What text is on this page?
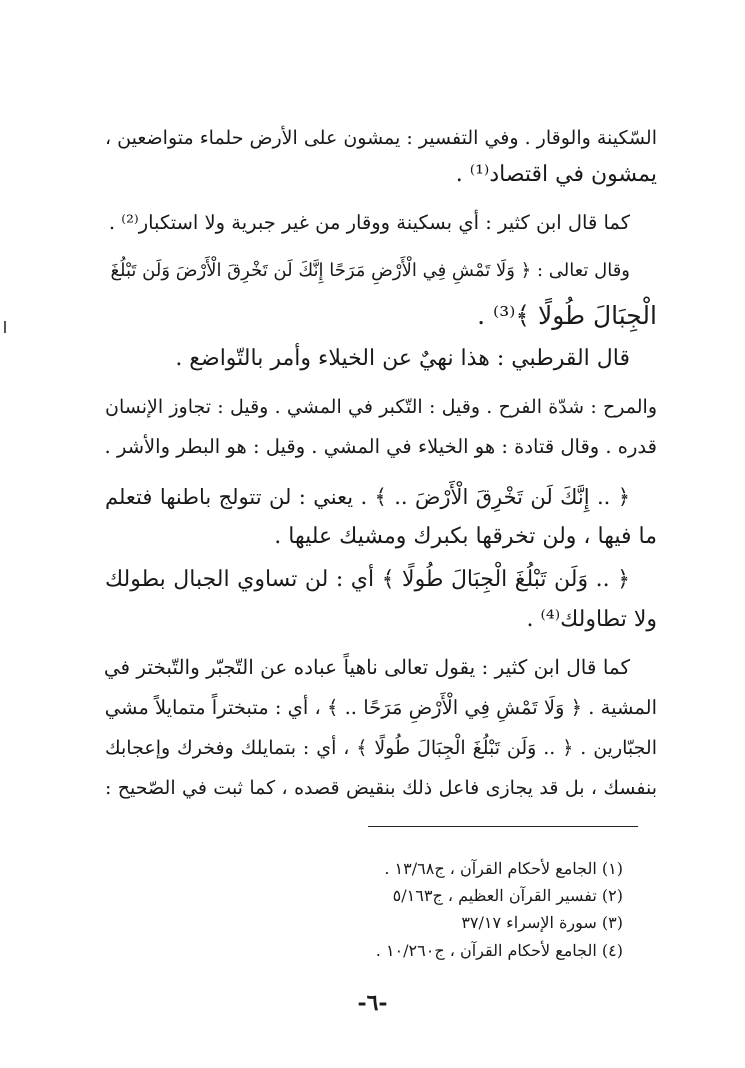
السّكينة والوقار . وفي التفسير : يمشون على الأرض حلماء متواضعين ،
يمشون في اقتصاد⁽¹⁾ .
كما قال ابن كثير : أي بسكينة ووقار من غير جبرية ولا استكبار⁽²⁾ .
وقال تعالى : ﴿ وَلَا تَمْشِ فِي الْأَرْضِ مَرَحًا إِنَّكَ لَن تَخْرِقَ الْأَرْضَ وَلَن تَبْلُغَ
الْجِبَالَ طُولًا ﴾⁽³⁾ .
قال القرطبي : هذا نهيٌ عن الخيلاء وأمر بالتّواضع .
والمرح : شدّة الفرح . وقيل : التّكبر في المشي . وقيل : تجاوز الإنسان
قدره . وقال قتادة : هو الخيلاء في المشي . وقيل : هو البطر والأشر .
﴿ .. إِنَّكَ لَن تَخْرِقَ الْأَرْضَ .. ﴾ . يعني : لن تتولج باطنها فتعلم
ما فيها ، ولن تخرقها بكبرك ومشيك عليها .
﴿ .. وَلَن تَبْلُغَ الْجِبَالَ طُولًا ﴾ أي : لن تساوي الجبال بطولك
ولا تطاولك⁽⁴⁾ .
كما قال ابن كثير : يقول تعالى ناهياً عباده عن التّجبّر والتّبختر في
المشية . ﴿ وَلَا تَمْشِ فِي الْأَرْضِ مَرَحًا .. ﴾ ، أي : متبختراً متمايلاً مشي
الجبّارين . ﴿ .. وَلَن تَبْلُغَ الْجِبَالَ طُولًا ﴾ ، أي : بتمايلك وفخرك وإعجابك
بنفسك ، بل قد يجازى فاعل ذلك بنقيض قصده ، كما ثبت في الصّحيح :
(١) الجامع لأحكام القرآن ، ج١٣/٦٨ .
(٢) تفسير القرآن العظيم ، ج٥/١٦٣
(٣) سورة الإسراء ٣٧/١٧
(٤) الجامع لأحكام القرآن ، ج١٠/٢٦٠ .
-٦-
